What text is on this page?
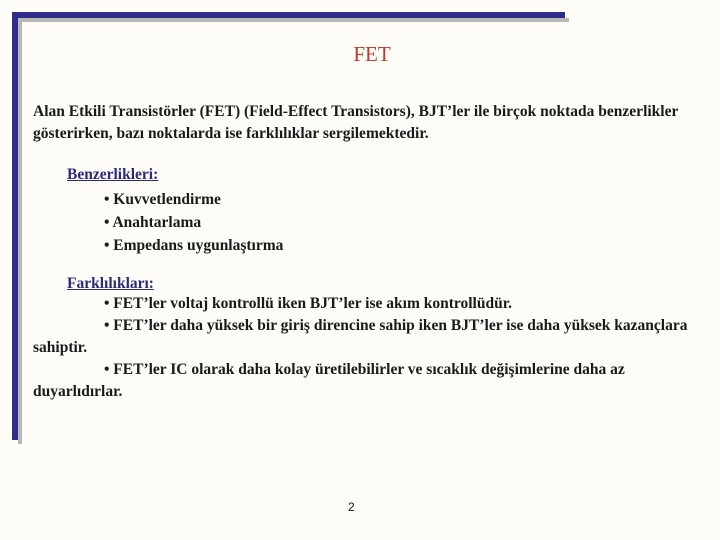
FET

Alan Etkili Transistörler (FET) (Field-Effect Transistors), BJT’ler ile birçok noktada benzerlikler gösterirken, bazı noktalarda ise farklılıklar sergilemektedir.

Benzerlikleri:

• Kuvvetlendirme
• Anahtarlama
• Empedans uygunlaştırma

Farklılıkları:

• FET’ler voltaj kontrollü iken BJT’ler ise akım kontrollüdür.
• FET’ler daha yüksek bir giriş direncine sahip iken BJT’ler ise daha yüksek kazançlara sahiptir.
• FET’ler IC olarak daha kolay üretilebilirler ve sıcaklık değişimlerine daha az duyarlıdırlar.
2
